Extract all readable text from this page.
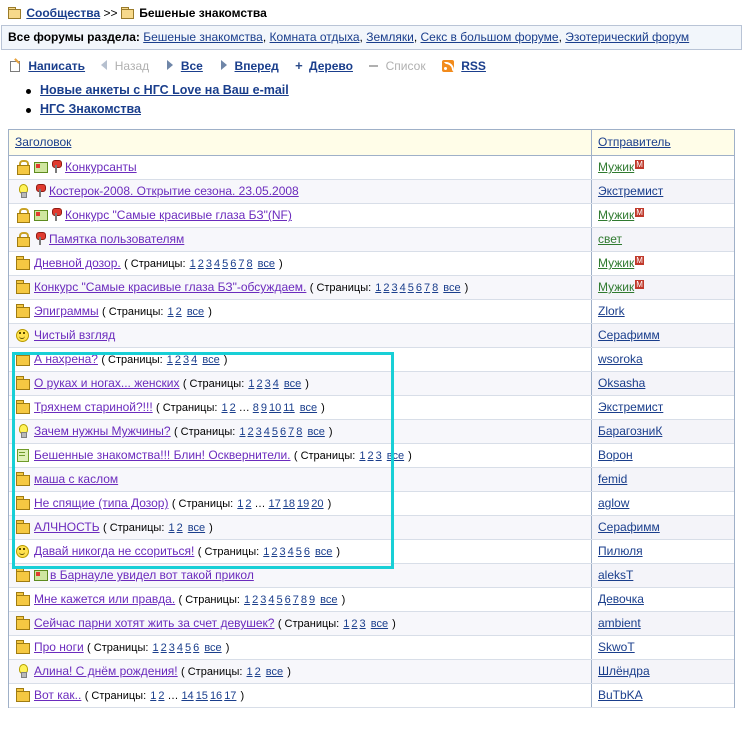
Сообщества >> Бешеные знакомства
Все форумы раздела: Бешеные знакомства, Комната отдыха, Земляки, Секс в большом форуме, Эзотерический форум
Написать Назад	Все	Вперед + Дерево	Список	RSS
Новые анкеты с НГС Love на Ваш e-mail
НГС Знакомства
Заголовок	Отправитель

Конкурсанты	Мужик M

Костерок-2008. Открытие сезона. 23.05.2008	Экстремист

Конкурс "Самые красивые глаза БЗ"(NF)	Мужик M

Памятка пользователям	свет

Дневной дозор. ( Страницы: 1 2 3 4 5 6 7 8 все )	Мужик M

Конкурс "Самые красивые глаза БЗ"-обсуждаем. ( Страницы: 1 2 3 4 5 6 7 8 все )	Мужик M

Эпиграммы ( Страницы: 1 2 все )	Zlork

Чистый взгляд	Серафимм

А нахрена? ( Страницы: 1 2 3 4 все )	wsoroka

О руках и ногах... женских ( Страницы: 1 2 3 4 все )	Oksasha

Тряхнем стариной?!!! ( Страницы: 1 2 … 8 9 10 11 все )	Экстремист

Зачем нужны Мужчины? ( Страницы: 1 2 3 4 5 6 7 8 все )	БарагозниК

Бешенные знакомства!!! Блин! Осквернители. ( Страницы: 1 2 3 все )	Ворон

маша с каслом	femid

Не спящие (типа Дозор) ( Страницы: 1 2 … 17 18 19 20 )	aglow

АЛЧНОСТЬ ( Страницы: 1 2 все )	Серафимм

Давай никогда не ссориться! ( Страницы: 1 2 3 4 5 6 все )	Пилюля

в Барнауле увидел вот такой прикол	aleksT

Мне кажется или правда. ( Страницы: 1 2 3 4 5 6 7 8 9 все )	Девочка

Сейчас парни хотят жить за счет девушек? ( Страницы: 1 2 3 все )	ambient

Про ноги ( Страницы: 1 2 3 4 5 6 все )	SkwoT

Алина! С днём рождения! ( Страницы: 1 2 все )	Шлёндра

Вот как.. ( Страницы: 1 2 … 14 15 16 17 )	BuTbKA
